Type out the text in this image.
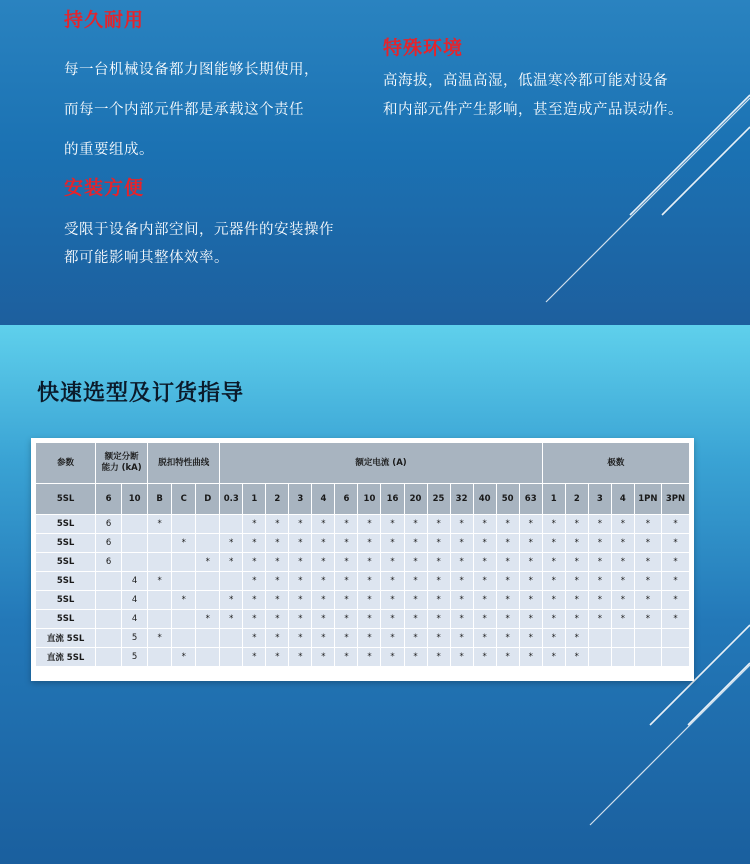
持久耐用
每一台机械设备都力图能够长期使用，
而每一个内部元件都是承载这个责任
的重要组成。
安装方便
受限于设备内部空间，元器件的安装操作
都可能影响其整体效率。
特殊环境
高海拔，高温高湿，低温寒冷都可能对设备
和内部元件产生影响，甚至造成产品误动作。
快速选型及订货指导
参数	额定分断
能力 (kA)		脱扣特性曲线			额定电流 (A)														极数					
5SL	6	10	B	C	D	0.3	1	2	3	4	6	10	16	20	25	32	40	50	63	1	2	3	4	1PN	3PN
5SL	6		*				*	*	*	*	*	*	*	*	*	*	*	*	*	*	*	*	*	*	*
5SL	6			*		*	*	*	*	*	*	*	*	*	*	*	*	*	*	*	*	*	*	*	*
5SL	6				*	*	*	*	*	*	*	*	*	*	*	*	*	*	*	*	*	*	*	*	*
5SL		4	*				*	*	*	*	*	*	*	*	*	*	*	*	*	*	*	*	*	*	*
5SL		4		*		*	*	*	*	*	*	*	*	*	*	*	*	*	*	*	*	*	*	*	*
5SL		4			*	*	*	*	*	*	*	*	*	*	*	*	*	*	*	*	*	*	*	*	*
直流 5SL		5	*				*	*	*	*	*	*	*	*	*	*	*	*	*	*	*				
直流 5SL		5		*			*	*	*	*	*	*	*	*	*	*	*	*	*	*	*				
